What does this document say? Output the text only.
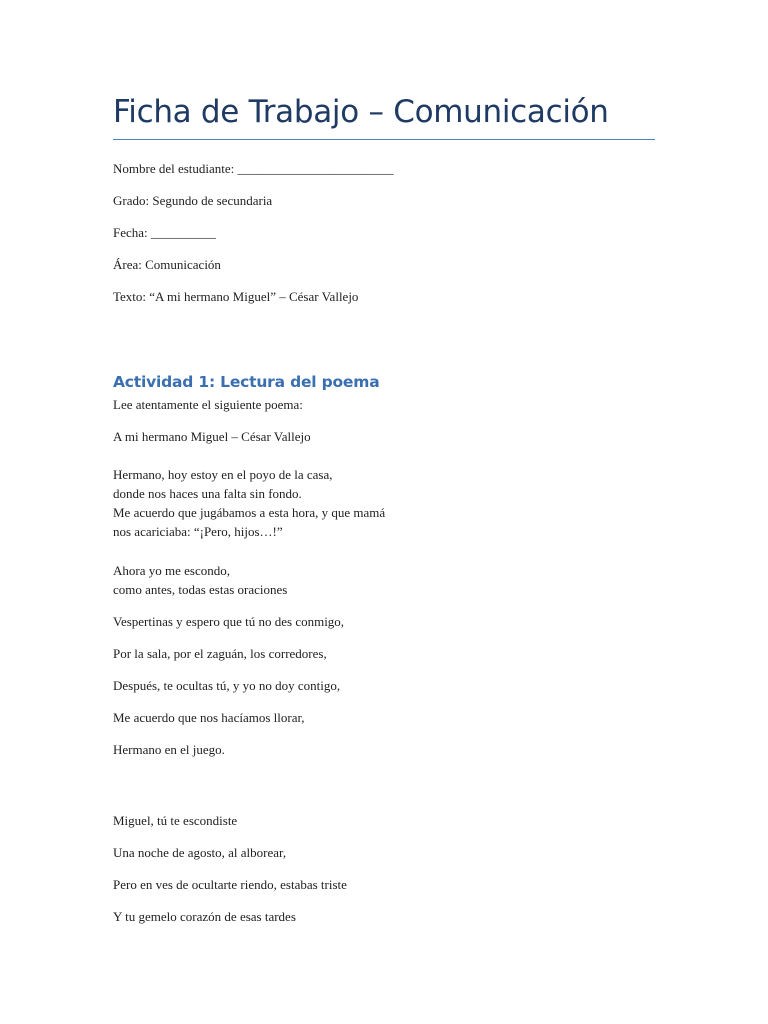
Ficha de Trabajo – Comunicación
Nombre del estudiante: ________________________
Grado: Segundo de secundaria
Fecha: __________
Área: Comunicación
Texto: “A mi hermano Miguel” – César Vallejo
Actividad 1: Lectura del poema
Lee atentamente el siguiente poema:
A mi hermano Miguel – César Vallejo
Hermano, hoy estoy en el poyo de la casa,
donde nos haces una falta sin fondo.
Me acuerdo que jugábamos a esta hora, y que mamá
nos acariciaba: “¡Pero, hijos…!”
Ahora yo me escondo,
como antes, todas estas oraciones
Vespertinas y espero que tú no des conmigo,
Por la sala, por el zaguán, los corredores,
Después, te ocultas tú, y yo no doy contigo,
Me acuerdo que nos hacíamos llorar,
Hermano en el juego.
Miguel, tú te escondiste
Una noche de agosto, al alborear,
Pero en ves de ocultarte riendo, estabas triste
Y tu gemelo corazón de esas tardes
